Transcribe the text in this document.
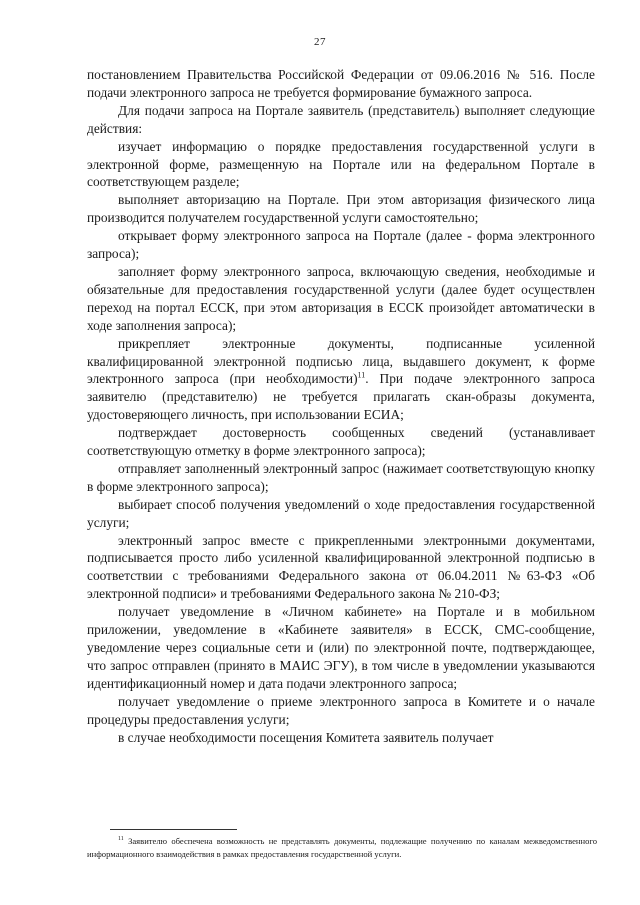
27

постановлением Правительства Российской Федерации от 09.06.2016 № 516. После подачи электронного запроса не требуется формирование бумажного запроса.

Для подачи запроса на Портале заявитель (представитель) выполняет следующие действия:

изучает информацию о порядке предоставления государственной услуги в электронной форме, размещенную на Портале или на федеральном Портале в соответствующем разделе;

выполняет авторизацию на Портале. При этом авторизация физического лица производится получателем государственной услуги самостоятельно;

открывает форму электронного запроса на Портале (далее - форма электронного запроса);

заполняет форму электронного запроса, включающую сведения, необходимые и обязательные для предоставления государственной услуги (далее будет осуществлен переход на портал ЕССК, при этом авторизация в ЕССК произойдет автоматически в ходе заполнения запроса);

прикрепляет электронные документы, подписанные усиленной квалифицированной электронной подписью лица, выдавшего документ, к форме электронного запроса (при необходимости)$^{11}$. При подаче электронного запроса заявителю (представителю) не требуется прилагать скан-образы документа, удостоверяющего личность, при использовании ЕСИА;

подтверждает достоверность сообщенных сведений (устанавливает соответствующую отметку в форме электронного запроса);

отправляет заполненный электронный запрос (нажимает соответствующую кнопку в форме электронного запроса);

выбирает способ получения уведомлений о ходе предоставления государственной услуги;

электронный запрос вместе с прикрепленными электронными документами, подписывается просто либо усиленной квалифицированной электронной подписью в соответствии с требованиями Федерального закона от 06.04.2011 №63-ФЗ «Об электронной подписи» и требованиями Федерального закона № 210-ФЗ;

получает уведомление в «Личном кабинете» на Портале и в мобильном приложении, уведомление в «Кабинете заявителя» в ЕССК, СМС-сообщение, уведомление через социальные сети и (или) по электронной почте, подтверждающее, что запрос отправлен (принято в МАИС ЭГУ), в том числе в уведомлении указываются идентификационный номер и дата подачи электронного запроса;

получает уведомление о приеме электронного запроса в Комитете и о начале процедуры предоставления услуги;

в случае необходимости посещения Комитета заявитель получает

$^{11}$ Заявителю обеспечена возможность не представлять документы, подлежащие получению по каналам межведомственного информационного взаимодействия в рамках предоставления государственной услуги.
